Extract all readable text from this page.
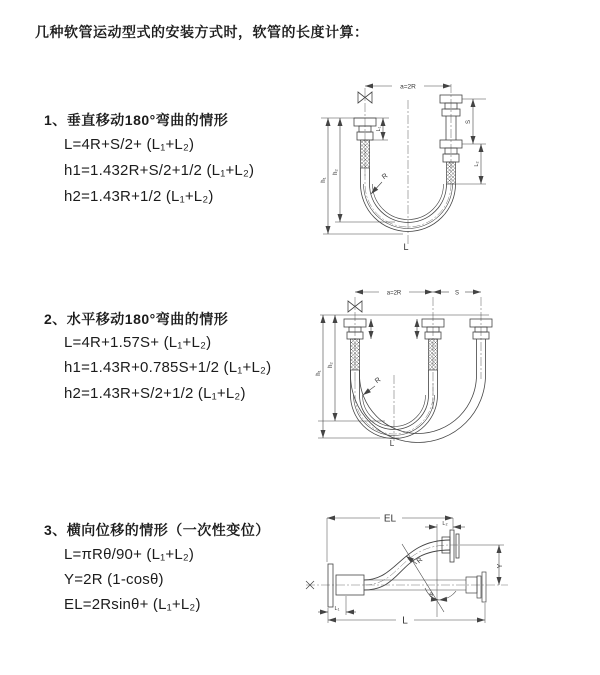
几种软管运动型式的安装方式时，软管的长度计算：
1、垂直移动180°弯曲的情形
L=4R+S/2+ (L₁+L₂)
h1=1.432R+S/2+1/2 (L₁+L₂)
h2=1.43R+1/2 (L₁+L₂)
2、水平移动180°弯曲的情形
L=4R+1.57S+ (L₁+L₂)
h1=1.43R+0.785S+1/2 (L₁+L₂)
h2=1.43R+S/2+1/2 (L₁+L₂)
3、横向位移的情形（一次性变位）
L=πRθ/90+ (L₁+L₂)
Y=2R (1-cosθ)
EL=2Rsinθ+ (L₁+L₂)
a=2R
h₁
h₂
L₁
S
L₂
R
L
a=2R	S
h₁
h₂
R
L
EL	L₂
Y
θ
R
L₁
L
